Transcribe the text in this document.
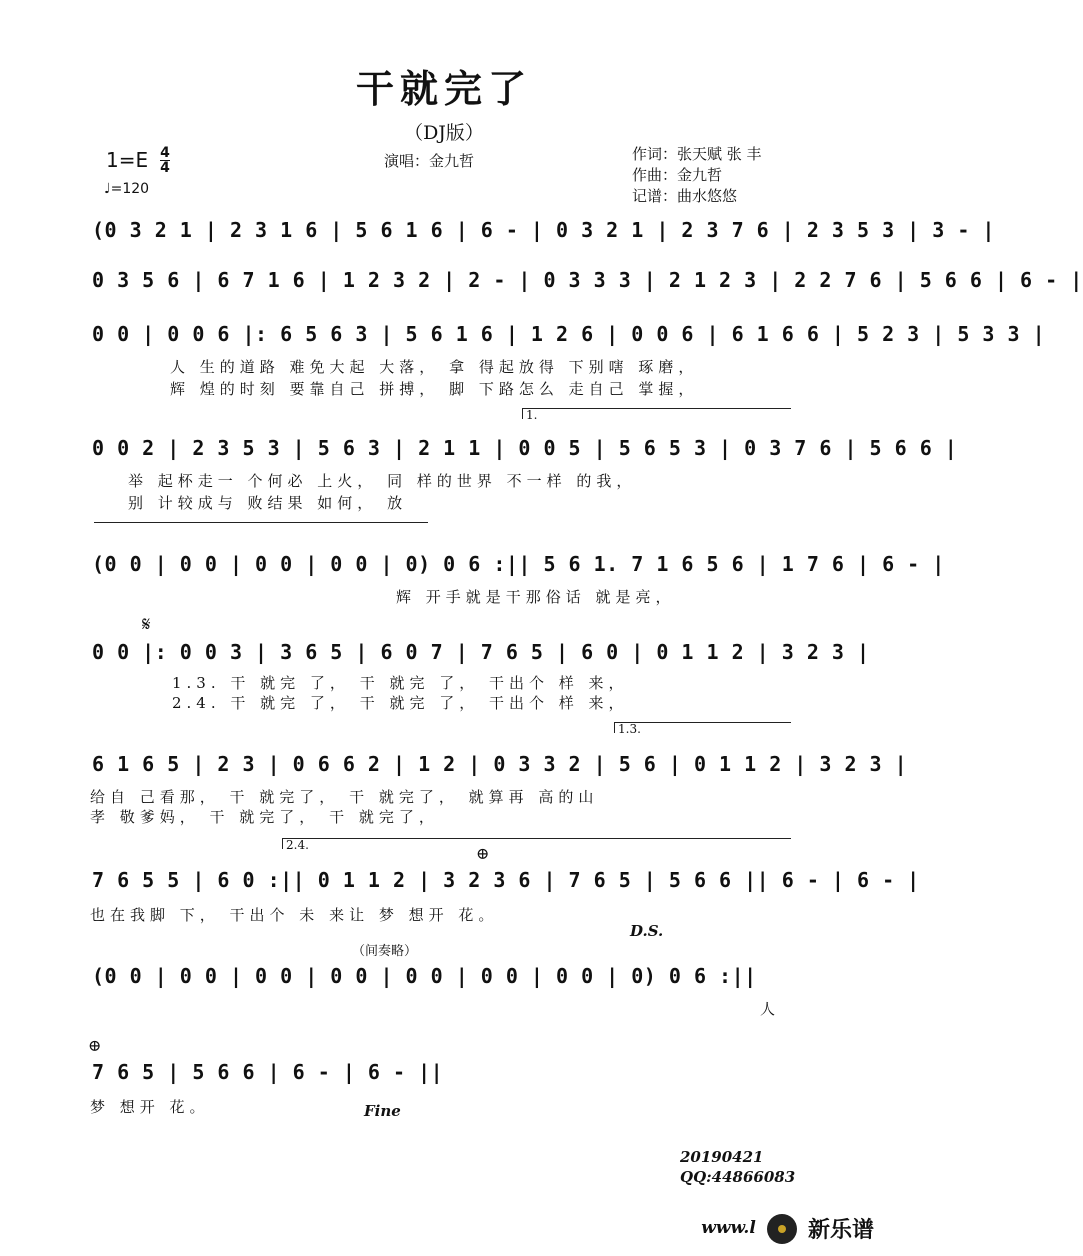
干就完了
（DJ版）
1=E 4
4
♩=120
演唱：金九哲	作词：张天赋 张 丰
作曲：金九哲
记谱：曲水悠悠
(0 3 2 1 | 2 3 1 6 | 5 6 1 6 | 6 - | 0 3 2 1 | 2 3 7 6 | 2 3 5 3 | 3 - |
0 3 5 6 | 6 7 1 6 | 1 2 3 2 | 2 - | 0 3 3 3 | 2 1 2 3 | 2 2 7 6 | 5 6 6 | 6 - |
0 0 | 0 0 6 |: 6 5 6 3 | 5 6 1 6 | 1 2 6 | 0 0 6 | 6 1 6 6 | 5 2 3 | 5 3 3 |
人 生的道路 难免大起 大落， 拿 得起放得 下别嗐 琢磨，
辉 煌的时刻 要靠自己 拼搏， 脚 下路怎么 走自己 掌握，
1.
0 0 2 | 2 3 5 3 | 5 6 3 | 2 1 1 | 0 0 5 | 5 6 5 3 | 0 3 7 6 | 5 6 6 |
举 起杯走一 个何必 上火， 同 样的世界 不一样 的我，
别 计较成与 败结果 如何， 放
(0 0 | 0 0 | 0 0 | 0 0 | 0) 0 6 :|| 5 6 1. 7 1 6 5 6 | 1 7 6 | 6 - |
辉 开手就是干那俗话 就是亮，
𝄋
0 0 |: 0 0 3 | 3 6 5 | 6 0 7 | 7 6 5 | 6 0 | 0 1 1 2 | 3 2 3 |
1.3. 干 就完 了， 干 就完 了， 干出个 样 来，
2.4. 干 就完 了， 干 就完 了， 干出个 样 来，
1.3.
6 1 6 5 | 2 3 | 0 6 6 2 | 1 2 | 0 3 3 2 | 5 6 | 0 1 1 2 | 3 2 3 |
给自 己看那， 干 就完了， 干 就完了， 就算再 高的山
孝 敬爹妈， 干 就完了， 干 就完了，
2.4.	⊕
7 6 5 5 | 6 0 :|| 0 1 1 2 | 3 2 3 6 | 7 6 5 | 5 6 6 || 6 - | 6 - |
也在我脚 下， 干出个 未 来让 梦 想开 花。
D.S.
（间奏略）
(0 0 | 0 0 | 0 0 | 0 0 | 0 0 | 0 0 | 0 0 | 0) 0 6 :||
人
⊕
7 6 5 | 5 6 6 | 6 - | 6 - ||
梦 想开 花。	Fine
20190421
QQ:44866083
www.l 新乐谱
